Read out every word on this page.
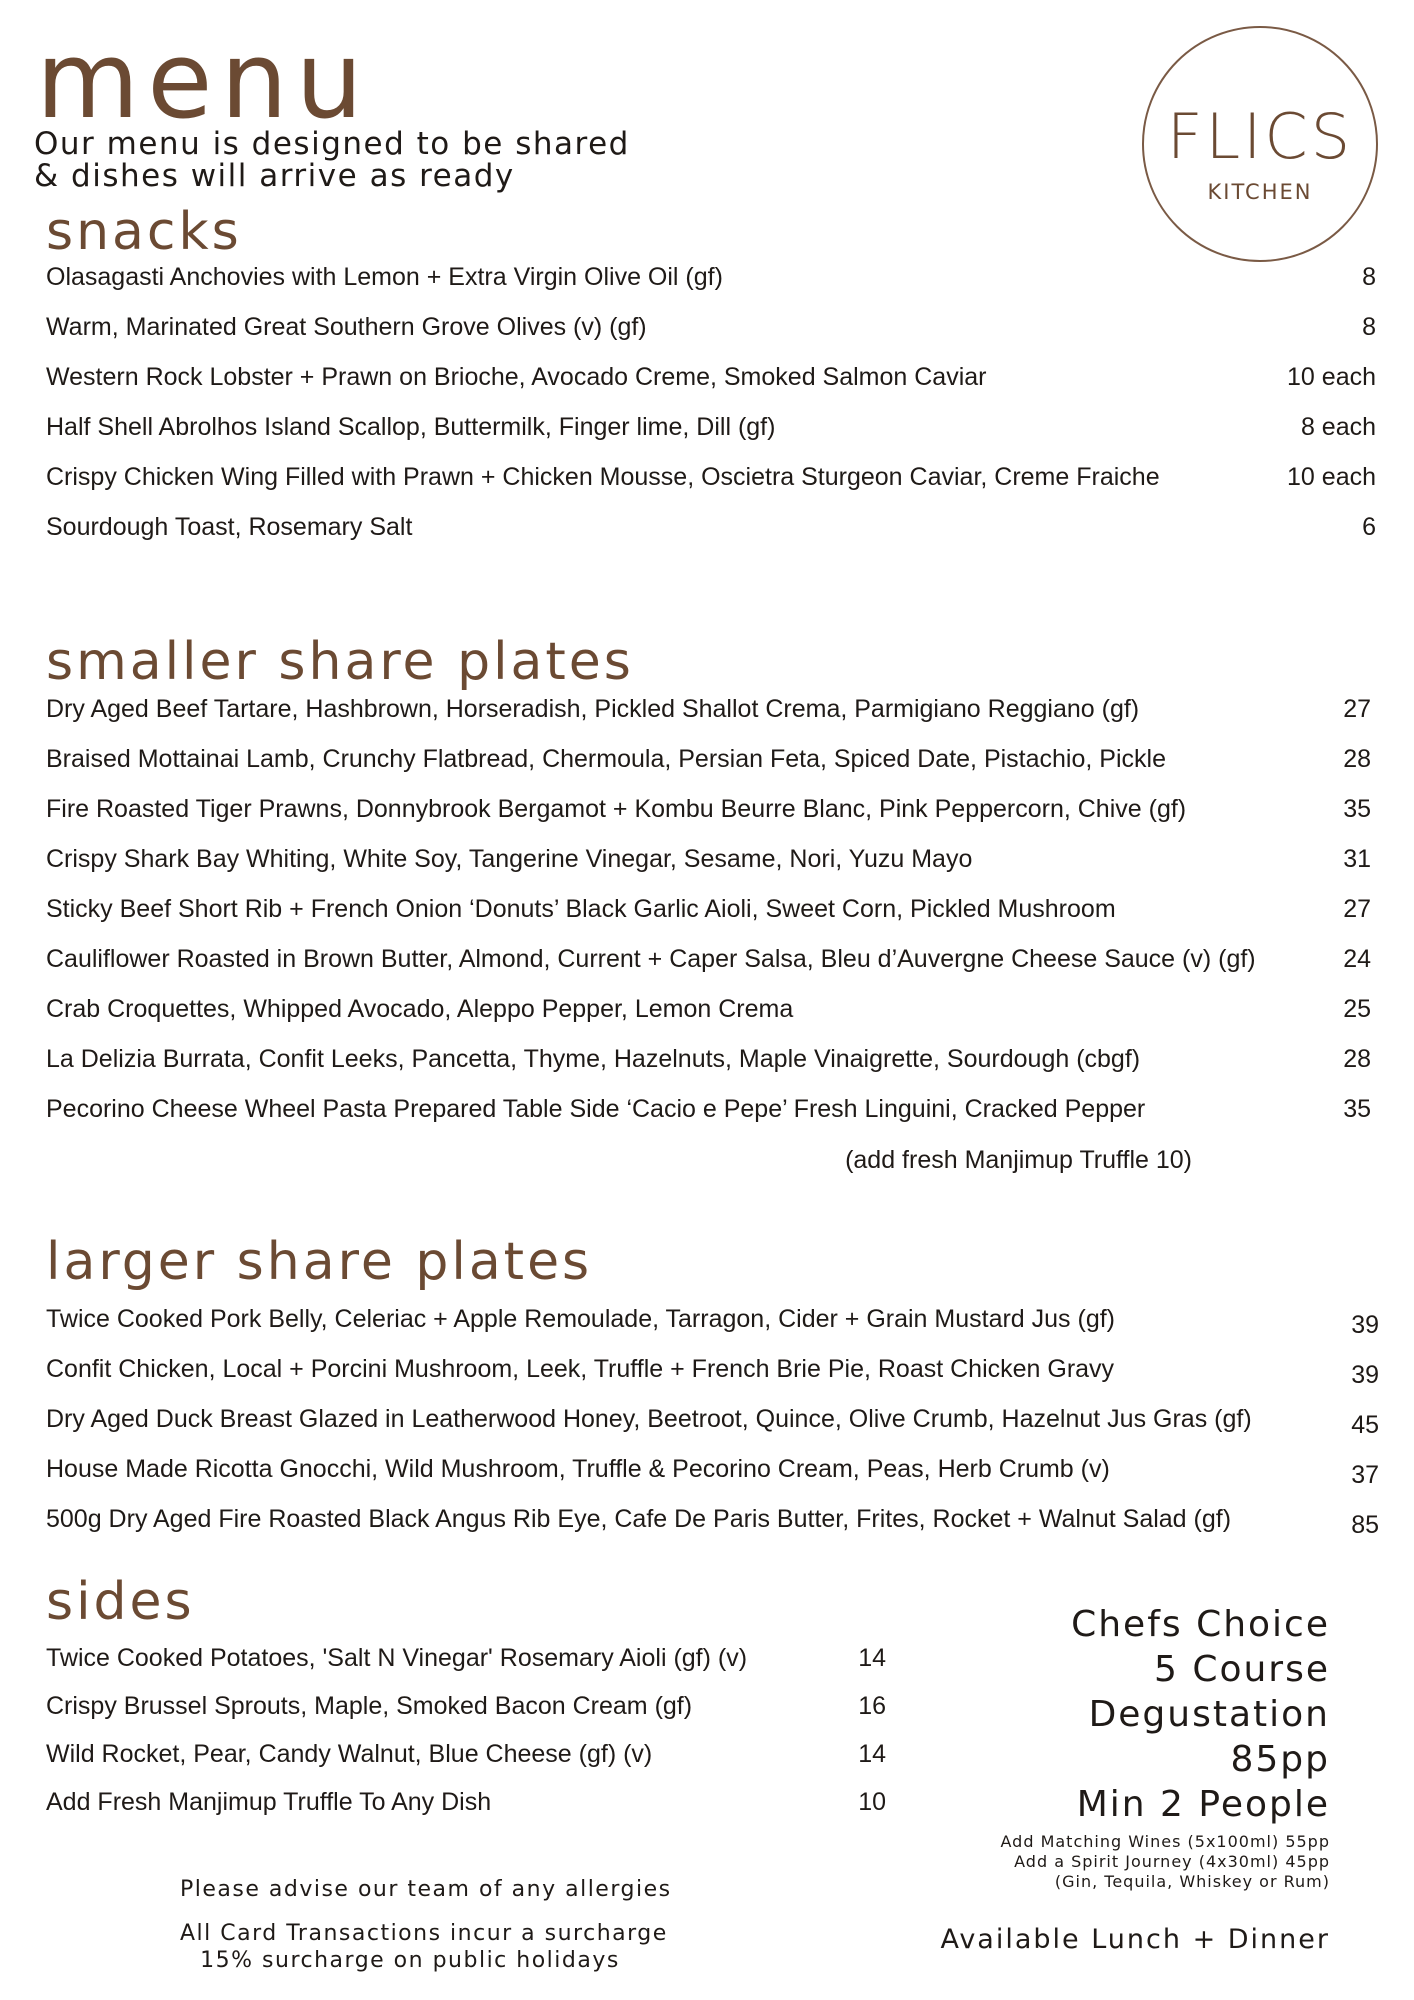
menu
Our menu is designed to be shared
& dishes will arrive as ready
FLICS
KITCHEN
snacks
Olasagasti Anchovies with Lemon + Extra Virgin Olive Oil (gf)	8
Warm, Marinated Great Southern Grove Olives (v) (gf)	8
Western Rock Lobster + Prawn on Brioche, Avocado Creme, Smoked Salmon Caviar	10 each
Half Shell Abrolhos Island Scallop, Buttermilk, Finger lime, Dill (gf)	8 each
Crispy Chicken Wing Filled with Prawn + Chicken Mousse, Oscietra Sturgeon Caviar, Creme Fraiche	10 each
Sourdough Toast, Rosemary Salt	6
smaller share plates
Dry Aged Beef Tartare, Hashbrown, Horseradish, Pickled Shallot Crema, Parmigiano Reggiano (gf)	27
Braised Mottainai Lamb, Crunchy Flatbread, Chermoula, Persian Feta, Spiced Date, Pistachio, Pickle	28
Fire Roasted Tiger Prawns, Donnybrook Bergamot + Kombu Beurre Blanc, Pink Peppercorn, Chive (gf)	35
Crispy Shark Bay Whiting, White Soy, Tangerine Vinegar, Sesame, Nori, Yuzu Mayo	31
Sticky Beef Short Rib + French Onion ‘Donuts’ Black Garlic Aioli, Sweet Corn, Pickled Mushroom	27
Cauliflower Roasted in Brown Butter, Almond, Current + Caper Salsa, Bleu d’Auvergne Cheese Sauce (v) (gf)	24
Crab Croquettes, Whipped Avocado, Aleppo Pepper, Lemon Crema	25
La Delizia Burrata, Confit Leeks, Pancetta, Thyme, Hazelnuts, Maple Vinaigrette, Sourdough (cbgf)	28
Pecorino Cheese Wheel Pasta Prepared Table Side ‘Cacio e Pepe’ Fresh Linguini, Cracked Pepper	35
(add fresh Manjimup Truffle 10)
larger share plates
Twice Cooked Pork Belly, Celeriac + Apple Remoulade, Tarragon, Cider + Grain Mustard Jus (gf)	39
Confit Chicken, Local + Porcini Mushroom, Leek, Truffle + French Brie Pie, Roast Chicken Gravy	39
Dry Aged Duck Breast Glazed in Leatherwood Honey, Beetroot, Quince, Olive Crumb, Hazelnut Jus Gras (gf)	45
House Made Ricotta Gnocchi, Wild Mushroom, Truffle & Pecorino Cream, Peas, Herb Crumb (v)	37
500g Dry Aged Fire Roasted Black Angus Rib Eye, Cafe De Paris Butter, Frites, Rocket + Walnut Salad (gf)	85
sides
Twice Cooked Potatoes, 'Salt N Vinegar' Rosemary Aioli (gf) (v)	14
Crispy Brussel Sprouts, Maple, Smoked Bacon Cream (gf)	16
Wild Rocket, Pear, Candy Walnut, Blue Cheese (gf) (v)	14
Add Fresh Manjimup Truffle To Any Dish	10
Chefs Choice
5 Course
Degustation
85pp
Min 2 People
Add Matching Wines (5x100ml) 55pp
Add a Spirit Journey (4x30ml) 45pp
(Gin, Tequila, Whiskey or Rum)
Available Lunch + Dinner
Please advise our team of any allergies
All Card Transactions incur a surcharge
15% surcharge on public holidays
